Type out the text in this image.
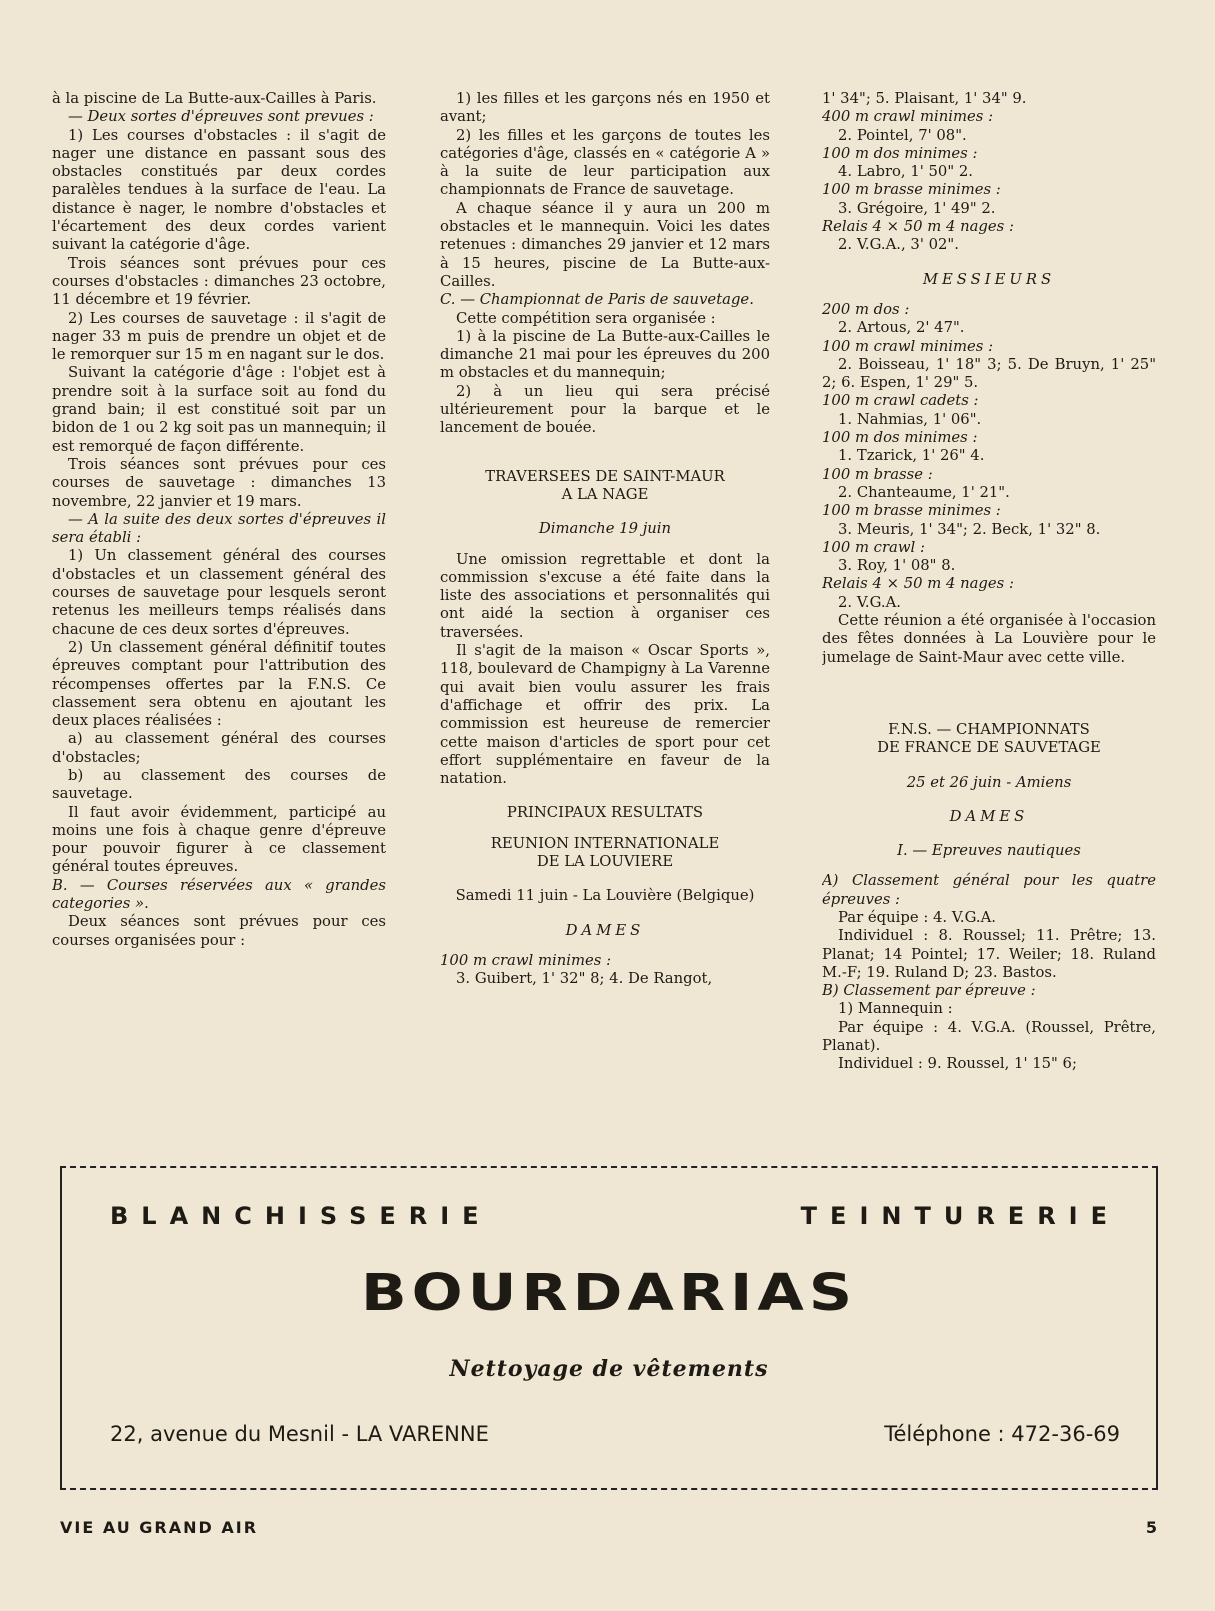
à la piscine de La Butte-aux-Cailles à Paris.

— Deux sortes d'épreuves sont prevues :

1) Les courses d'obstacles : il s'agit de nager une distance en passant sous des obstacles constitués par deux cordes paralèles tendues à la surface de l'eau. La distance è nager, le nombre d'obstacles et l'écartement des deux cordes varient suivant la catégorie d'âge.

Trois séances sont prévues pour ces courses d'obstacles : dimanches 23 octobre, 11 décembre et 19 février.

2) Les courses de sauvetage : il s'agit de nager 33 m puis de prendre un objet et de le remorquer sur 15 m en nagant sur le dos.

Suivant la catégorie d'âge : l'objet est à prendre soit à la surface soit au fond du grand bain; il est constitué soit par un bidon de 1 ou 2 kg soit pas un mannequin; il est remorqué de façon différente.

Trois séances sont prévues pour ces courses de sauvetage : dimanches 13 novembre, 22 janvier et 19 mars.

— A la suite des deux sortes d'épreuves il sera établi :

1) Un classement général des courses d'obstacles et un classement général des courses de sauvetage pour lesquels seront retenus les meilleurs temps réalisés dans chacune de ces deux sortes d'épreuves.

2) Un classement général définitif toutes épreuves comptant pour l'attribution des récompenses offertes par la F.N.S. Ce classement sera obtenu en ajoutant les deux places réalisées :

a) au classement général des courses d'obstacles;

b) au classement des courses de sauvetage.

Il faut avoir évidemment, participé au moins une fois à chaque genre d'épreuve pour pouvoir figurer à ce classement général toutes épreuves.

B. — Courses réservées aux « grandes categories ».

Deux séances sont prévues pour ces courses organisées pour :

1) les filles et les garçons nés en 1950 et avant;

2) les filles et les garçons de toutes les catégories d'âge, classés en « catégorie A » à la suite de leur participation aux championnats de France de sauvetage.

A chaque séance il y aura un 200 m obstacles et le mannequin. Voici les dates retenues : dimanches 29 janvier et 12 mars à 15 heures, piscine de La Butte-aux-Cailles.

C. — Championnat de Paris de sauvetage.

Cette compétition sera organisée :

1) à la piscine de La Butte-aux-Cailles le dimanche 21 mai pour les épreuves du 200 m obstacles et du mannequin;

2) à un lieu qui sera précisé ultérieurement pour la barque et le lancement de bouée.

TRAVERSEES DE SAINT-MAUR

A LA NAGE

Dimanche 19 juin

Une omission regrettable et dont la commission s'excuse a été faite dans la liste des associations et personnalités qui ont aidé la section à organiser ces traversées.

Il s'agit de la maison « Oscar Sports », 118, boulevard de Champigny à La Varenne qui avait bien voulu assurer les frais d'affichage et offrir des prix. La commission est heureuse de remercier cette maison d'articles de sport pour cet effort supplémentaire en faveur de la natation.

PRINCIPAUX RESULTATS

REUNION INTERNATIONALE

DE LA LOUVIERE

Samedi 11 juin - La Louvière (Belgique)

DAMES

100 m crawl minimes :

3. Guibert, 1' 32" 8; 4. De Rangot,

1' 34"; 5. Plaisant, 1' 34" 9.

400 m crawl minimes :

2. Pointel, 7' 08".

100 m dos minimes :

4. Labro, 1' 50" 2.

100 m brasse minimes :

3. Grégoire, 1' 49" 2.

Relais 4 × 50 m 4 nages :

2. V.G.A., 3' 02".

MESSIEURS

200 m dos :

2. Artous, 2' 47".

100 m crawl minimes :

2. Boisseau, 1' 18" 3; 5. De Bruyn, 1' 25" 2; 6. Espen, 1' 29" 5.

100 m crawl cadets :

1. Nahmias, 1' 06".

100 m dos minimes :

1. Tzarick, 1' 26" 4.

100 m brasse :

2. Chanteaume, 1' 21".

100 m brasse minimes :

3. Meuris, 1' 34"; 2. Beck, 1' 32" 8.

100 m crawl :

3. Roy, 1' 08" 8.

Relais 4 × 50 m 4 nages :

2. V.G.A.

Cette réunion a été organisée à l'occasion des fêtes données à La Louvière pour le jumelage de Saint-Maur avec cette ville.

F.N.S. — CHAMPIONNATS

DE FRANCE DE SAUVETAGE

25 et 26 juin - Amiens

DAMES

I. — Epreuves nautiques

A) Classement général pour les quatre épreuves :

Par équipe : 4. V.G.A.

Individuel : 8. Roussel; 11. Prêtre; 13. Planat; 14 Pointel; 17. Weiler; 18. Ruland M.-F; 19. Ruland D; 23. Bastos.

B) Classement par épreuve :

1) Mannequin :

Par équipe : 4. V.G.A. (Roussel, Prêtre, Planat).

Individuel : 9. Roussel, 1' 15" 6;

BLANCHISSERIE	TEINTURERIE
BOURDARIAS
Nettoyage de vêtements
22, avenue du Mesnil - LA VARENNE	Téléphone : 472-36-69
VIE AU GRAND AIR	5
